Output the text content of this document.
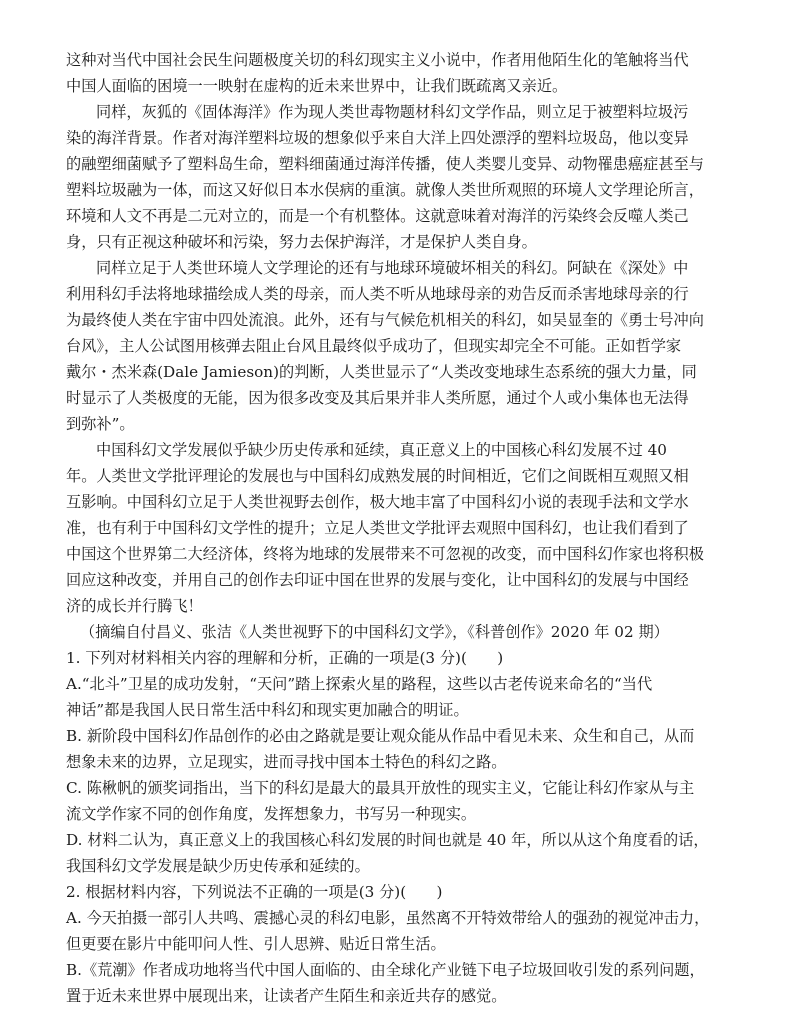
这种对当代中国社会民生问题极度关切的科幻现实主义小说中，作者用他陌生化的笔触将当代
中国人面临的困境一一映射在虚构的近未来世界中，让我们既疏离又亲近。
同样，灰狐的《固体海洋》作为现人类世毒物题材科幻文学作品，则立足于被塑料垃圾污
染的海洋背景。作者对海洋塑料垃圾的想象似乎来自大洋上四处漂浮的塑料垃圾岛，他以变异
的融塑细菌赋予了塑料岛生命，塑料细菌通过海洋传播，使人类婴儿变异、动物罹患癌症甚至与
塑料垃圾融为一体，而这又好似日本水俣病的重演。就像人类世所观照的环境人文学理论所言，
环境和人文不再是二元对立的，而是一个有机整体。这就意味着对海洋的污染终会反噬人类己
身，只有正视这种破坏和污染，努力去保护海洋，才是保护人类自身。
同样立足于人类世环境人文学理论的还有与地球环境破坏相关的科幻。阿缺在《深处》中
利用科幻手法将地球描绘成人类的母亲，而人类不听从地球母亲的劝告反而杀害地球母亲的行
为最终使人类在宇宙中四处流浪。此外，还有与气候危机相关的科幻，如吴显奎的《勇士号冲向
台风》，主人公试图用核弹去阻止台风且最终似乎成功了，但现实却完全不可能。正如哲学家
戴尔・杰米森(Dale Jamieson)的判断，人类世显示了“人类改变地球生态系统的强大力量，同
时显示了人类极度的无能，因为很多改变及其后果并非人类所愿，通过个人或小集体也无法得
到弥补”。
中国科幻文学发展似乎缺少历史传承和延续，真正意义上的中国核心科幻发展不过 40
年。人类世文学批评理论的发展也与中国科幻成熟发展的时间相近，它们之间既相互观照又相
互影响。中国科幻立足于人类世视野去创作，极大地丰富了中国科幻小说的表现手法和文学水
准，也有利于中国科幻文学性的提升；立足人类世文学批评去观照中国科幻，也让我们看到了
中国这个世界第二大经济体，终将为地球的发展带来不可忽视的改变，而中国科幻作家也将积极
回应这种改变，并用自己的创作去印证中国在世界的发展与变化，让中国科幻的发展与中国经
济的成长并行腾飞！
（摘编自付昌义、张洁《人类世视野下的中国科幻文学》，《科普创作》2020 年 02 期）
1. 下列对材料相关内容的理解和分析，正确的一项是(3 分)(　　)
A.“北斗”卫星的成功发射，“天问”踏上探索火星的路程，这些以古老传说来命名的“当代
神话”都是我国人民日常生活中科幻和现实更加融合的明证。
B. 新阶段中国科幻作品创作的必由之路就是要让观众能从作品中看见未来、众生和自己，从而
想象未来的边界，立足现实，进而寻找中国本土特色的科幻之路。
C. 陈楸帆的颁奖词指出，当下的科幻是最大的最具开放性的现实主义，它能让科幻作家从与主
流文学作家不同的创作角度，发挥想象力，书写另一种现实。
D. 材料二认为，真正意义上的我国核心科幻发展的时间也就是 40 年，所以从这个角度看的话，
我国科幻文学发展是缺少历史传承和延续的。
2. 根据材料内容，下列说法不正确的一项是(3 分)(　　)
A. 今天拍摄一部引人共鸣、震撼心灵的科幻电影，虽然离不开特效带给人的强劲的视觉冲击力，
但更要在影片中能叩问人性、引人思辨、贴近日常生活。
B.《荒潮》作者成功地将当代中国人面临的、由全球化产业链下电子垃圾回收引发的系列问题，
置于近未来世界中展现出来，让读者产生陌生和亲近共存的感觉。
